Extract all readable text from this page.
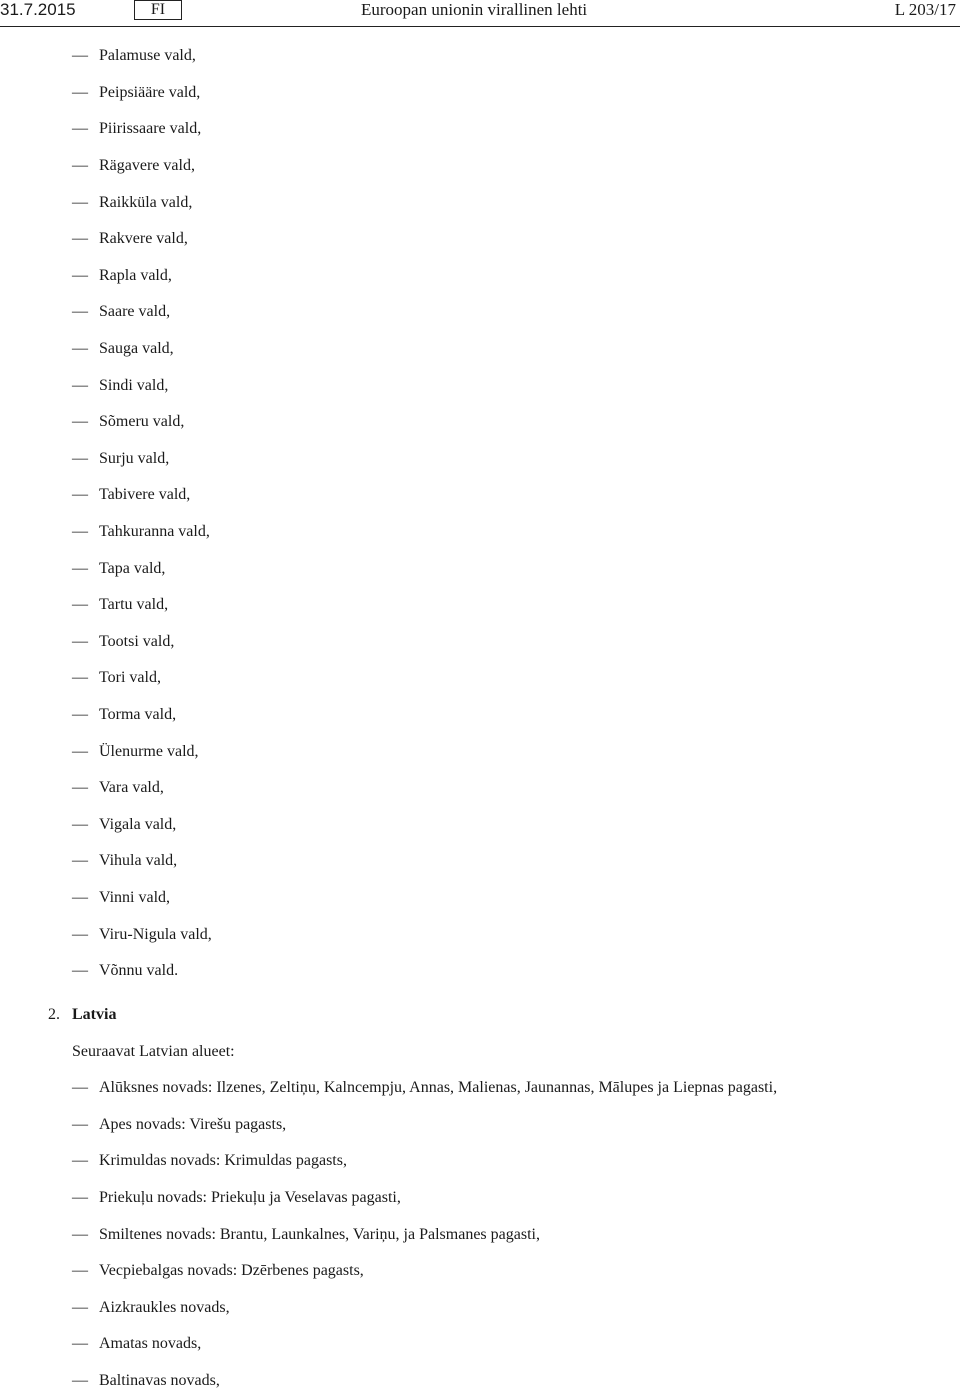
31.7.2015	FI	Euroopan unionin virallinen lehti	L 203/17
— Palamuse vald,
— Peipsiääre vald,
— Piirissaare vald,
— Rägavere vald,
— Raikküla vald,
— Rakvere vald,
— Rapla vald,
— Saare vald,
— Sauga vald,
— Sindi vald,
— Sõmeru vald,
— Surju vald,
— Tabivere vald,
— Tahkuranna vald,
— Tapa vald,
— Tartu vald,
— Tootsi vald,
— Tori vald,
— Torma vald,
— Ülenurme vald,
— Vara vald,
— Vigala vald,
— Vihula vald,
— Vinni vald,
— Viru-Nigula vald,
— Võnnu vald.
2. Latvia
Seuraavat Latvian alueet:
— Alūksnes novads: Ilzenes, Zeltiņu, Kalncempju, Annas, Malienas, Jaunannas, Mālupes ja Liepnas pagasti,
— Apes novads: Virešu pagasts,
— Krimuldas novads: Krimuldas pagasts,
— Priekuļu novads: Priekuļu ja Veselavas pagasti,
— Smiltenes novads: Brantu, Launkalnes, Variņu, ja Palsmanes pagasti,
— Vecpiebalgas novads: Dzērbenes pagasts,
— Aizkraukles novads,
— Amatas novads,
— Baltinavas novads,
